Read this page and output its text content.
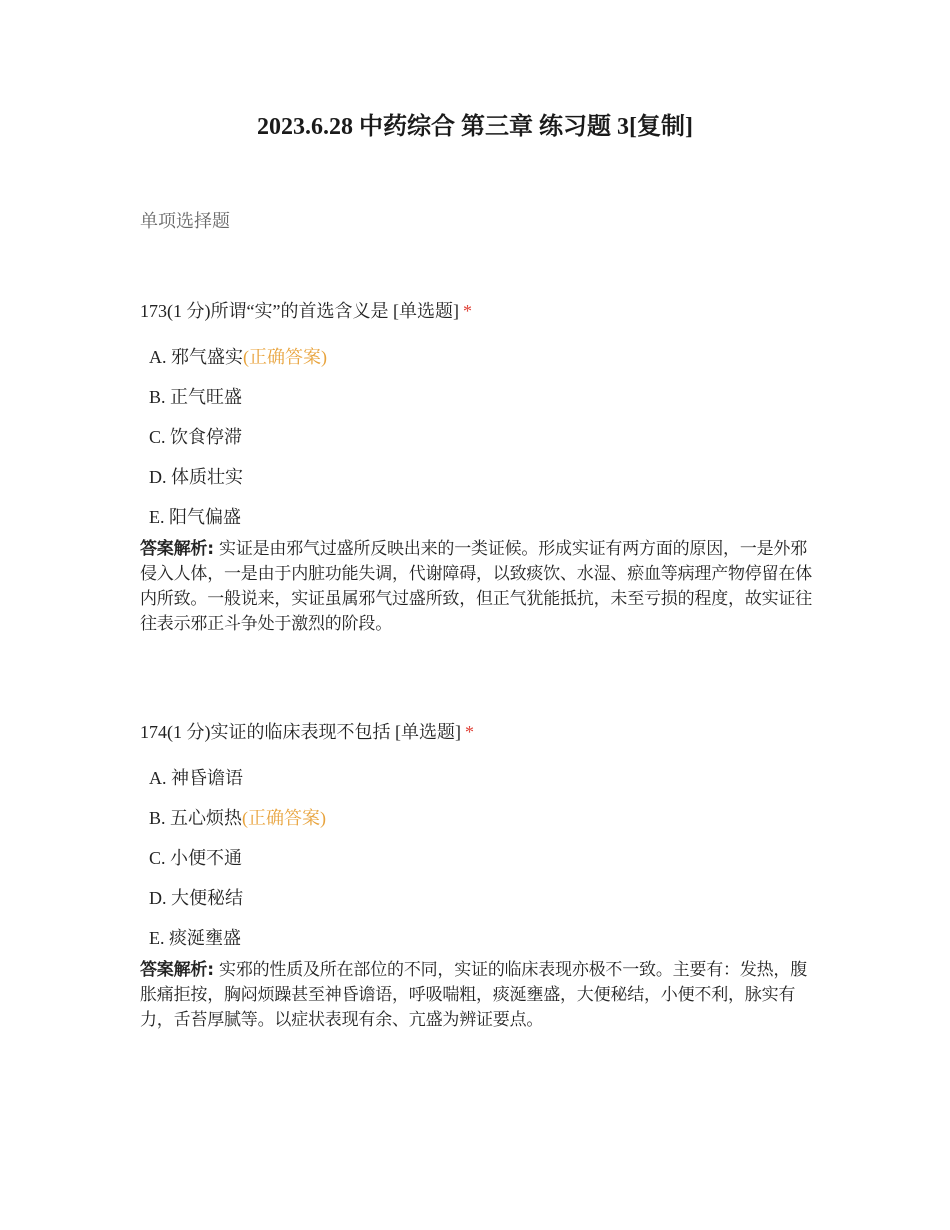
2023.6.28 中药综合 第三章 练习题 3[复制]

单项选择题

173(1 分)所谓“实”的首选含义是 [单选题] *

A. 邪气盛实(正确答案)
B. 正气旺盛
C. 饮食停滞
D. 体质壮实
E. 阳气偏盛

答案解析: 实证是由邪气过盛所反映出来的一类证候。形成实证有两方面的原因，一是外邪侵入人体，一是由于内脏功能失调，代谢障碍，以致痰饮、水湿、瘀血等病理产物停留在体内所致。一般说来，实证虽属邪气过盛所致，但正气犹能抵抗，未至亏损的程度，故实证往往表示邪正斗争处于激烈的阶段。

174(1 分)实证的临床表现不包括 [单选题] *

A. 神昏谵语
B. 五心烦热(正确答案)
C. 小便不通
D. 大便秘结
E. 痰涎壅盛

答案解析: 实邪的性质及所在部位的不同，实证的临床表现亦极不一致。主要有：发热，腹胀痛拒按，胸闷烦躁甚至神昏谵语，呼吸喘粗，痰涎壅盛，大便秘结，小便不利，脉实有力，舌苔厚腻等。以症状表现有余、亢盛为辨证要点。
